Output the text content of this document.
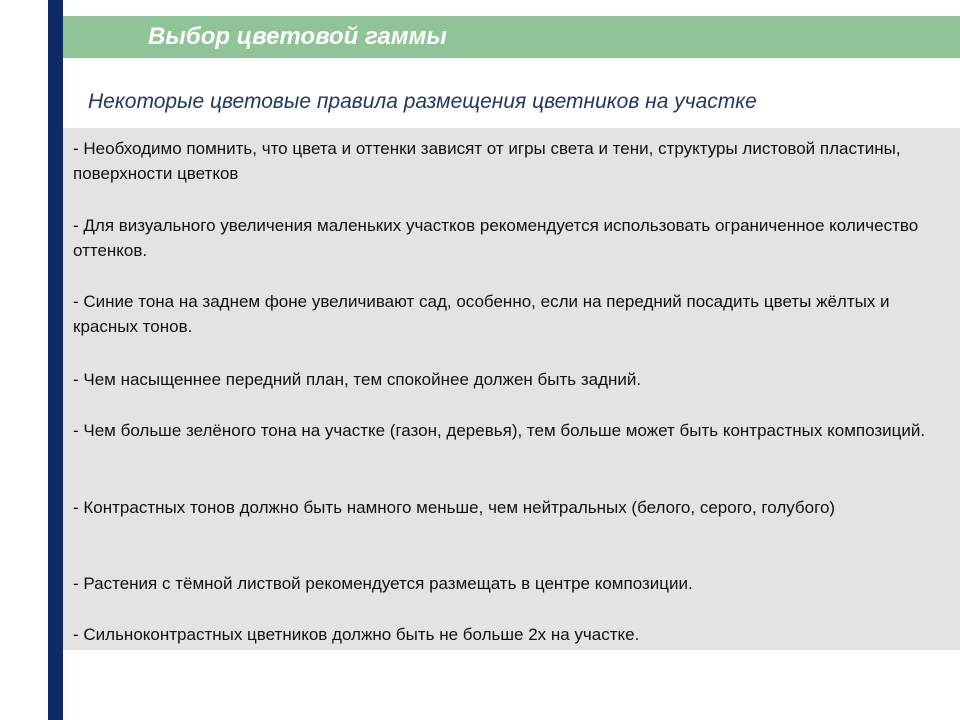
Выбор цветовой гаммы
Некоторые цветовые правила размещения цветников на участке
- Необходимо помнить, что цвета и оттенки зависят от игры света и тени, структуры листовой пластины, поверхности цветков
- Для визуального увеличения маленьких участков рекомендуется использовать ограниченное количество оттенков.
- Синие тона на заднем фоне увеличивают сад, особенно, если на передний посадить цветы жёлтых и красных тонов.
- Чем насыщеннее передний план, тем спокойнее должен быть задний.
- Чем больше зелёного тона на участке (газон, деревья), тем больше может быть контрастных композиций.
- Контрастных тонов должно быть намного меньше, чем нейтральных (белого, серого, голубого)
- Растения с тёмной листвой рекомендуется размещать в центре композиции.
- Сильноконтрастных цветников должно быть не больше 2х на участке.
